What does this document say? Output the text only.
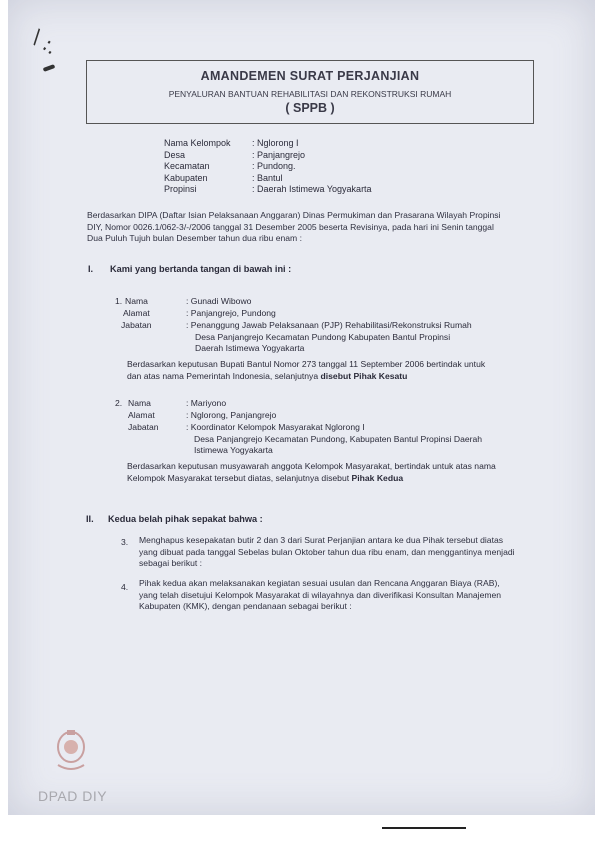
\ :.
AMANDEMEN SURAT PERJANJIAN
PENYALURAN BANTUAN REHABILITASI DAN REKONSTRUKSI RUMAH
( SPPB )
Nama Kelompok	: Nglorong I
Desa	: Panjangrejo
Kecamatan	: Pundong.
Kabupaten	: Bantul
Propinsi	: Daerah Istimewa Yogyakarta
Berdasarkan DIPA (Daftar Isian Pelaksanaan Anggaran) Dinas Permukiman dan Prasarana Wilayah Propinsi
DIY, Nomor 0026.1/062-3/-/2006 tanggal 31 Desember 2005 beserta Revisinya, pada hari ini Senin tanggal
Dua Puluh Tujuh bulan Desember tahun dua ribu enam :
I. Kami yang bertanda tangan di bawah ini :
1. Nama	: Gunadi Wibowo
Alamat	: Panjangrejo, Pundong
Jabatan	: Penanggung Jawab Pelaksanaan (PJP) Rehabilitasi/Rekonstruksi Rumah
Desa Panjangrejo Kecamatan Pundong Kabupaten Bantul Propinsi
Daerah Istimewa Yogyakarta
Berdasarkan keputusan Bupati Bantul Nomor 273 tanggal 11 September 2006 bertindak untuk
dan atas nama Pemerintah Indonesia, selanjutnya disebut Pihak Kesatu
2. Nama	: Mariyono
Alamat	: Nglorong, Panjangrejo
Jabatan	: Koordinator Kelompok Masyarakat Nglorong I
Desa Panjangrejo Kecamatan Pundong, Kabupaten Bantul Propinsi Daerah
Istimewa Yogyakarta
Berdasarkan keputusan musyawarah anggota Kelompok Masyarakat, bertindak untuk atas nama
Kelompok Masyarakat tersebut diatas, selanjutnya disebut Pihak Kedua
II. Kedua belah pihak sepakat bahwa :
3. Menghapus kesepakatan butir 2 dan 3 dari Surat Perjanjian antara ke dua Pihak tersebut diatas
yang dibuat pada tanggal Sebelas bulan Oktober tahun dua ribu enam, dan menggantinya menjadi
sebagai berikut :
4. Pihak kedua akan melaksanakan kegiatan sesuai usulan dan Rencana Anggaran Biaya (RAB),
yang telah disetujui Kelompok Masyarakat di wilayahnya dan diverifikasi Konsultan Manajemen
Kabupaten (KMK), dengan pendanaan sebagai berikut :
DPAD DIY
